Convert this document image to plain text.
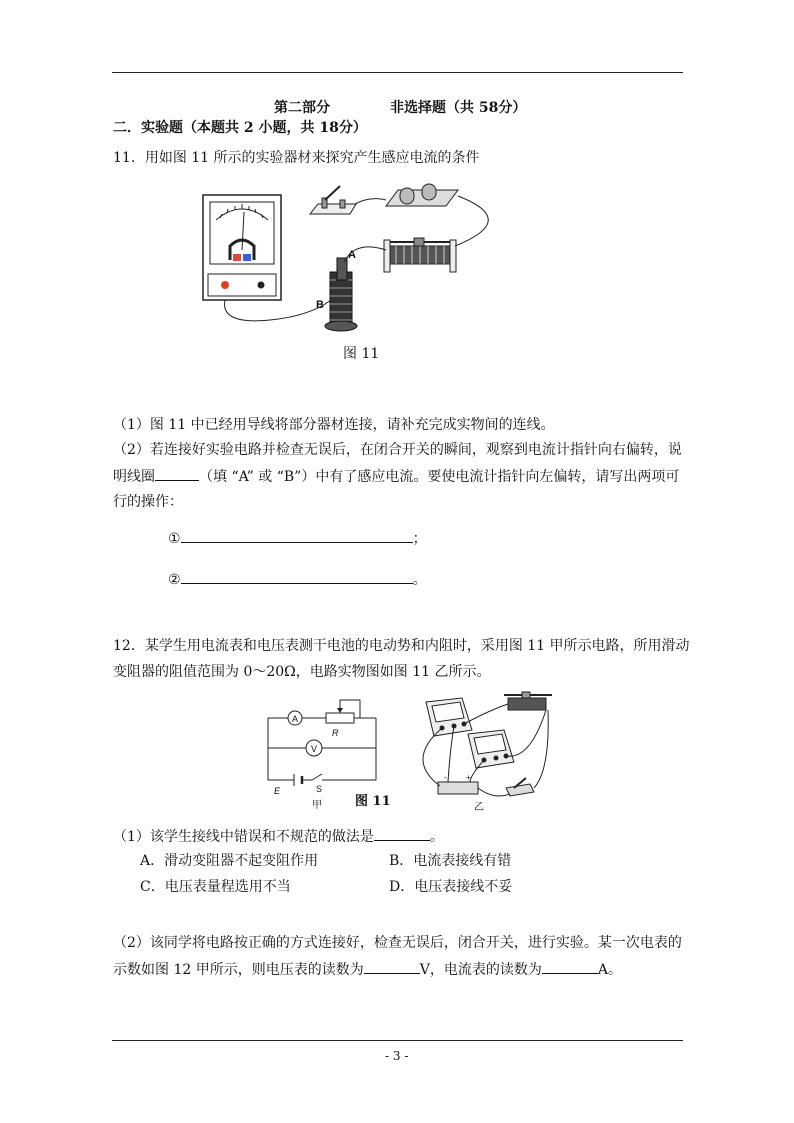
第二部分	非选择题（共 58分）
二．实验题（本题共 2 小题，共 18分）
11．用如图 11 所示的实验器材来探究产生感应电流的条件
A
B
图 11
（1）图 11 中已经用导线将部分器材连接，请补充完成实物间的连线。
（2）若连接好实验电路并检查无误后，在闭合开关的瞬间，观察到电流计指针向右偏转，说
明线圈	（填 “A” 或 “B”）中有了感应电流。要使电流计指针向左偏转，请写出两项可
行的操作：
①	；
②	。
12．某学生用电流表和电压表测干电池的电动势和内阻时，采用图 11 甲所示电路，所用滑动
变阻器的阻值范围为 0～20Ω，电路实物图如图 11 乙所示。
A
V
R
E	S
甲	图 11
- +
乙
（1）该学生接线中错误和不规范的做法是	。
A．滑动变阻器不起变阻作用	B．电流表接线有错
C．电压表量程选用不当	D．电压表接线不妥
（2）该同学将电路按正确的方式连接好，检查无误后，闭合开关，进行实验。某一次电表的
示数如图 12 甲所示，则电压表的读数为	V，电流表的读数为	A。
- 3 -
